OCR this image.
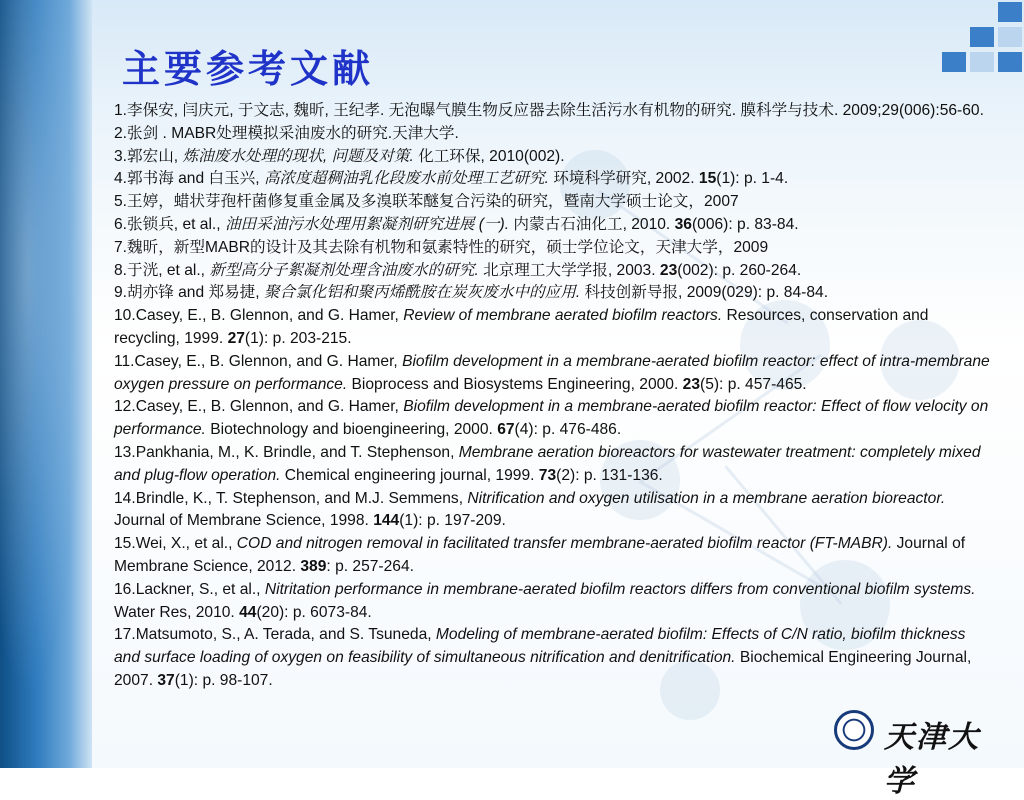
主要参考文献

1.李保安, 闫庆元, 于文志, 魏昕, 王纪孝. 无泡曝气膜生物反应器去除生活污水有机物的研究. 膜科学与技术. 2009;29(006):56-60.

2.张剑 . MABR处理模拟采油废水的研究.天津大学.

3.郭宏山, 炼油废水处理的现状, 问题及对策. 化工环保, 2010(002).

4.郭书海 and 白玉兴, 高浓度超稠油乳化段废水前处理工艺研究. 环境科学研究, 2002. 15(1): p. 1-4.

5.王婷，蜡状芽孢杆菌修复重金属及多溴联苯醚复合污染的研究，暨南大学硕士论文，2007

6.张锁兵, et al., 油田采油污水处理用絮凝剂研究进展 (一). 内蒙古石油化工, 2010. 36(006): p. 83-84.

7.魏昕，新型MABR的设计及其去除有机物和氨素特性的研究，硕士学位论文，天津大学，2009

8.于洸, et al., 新型高分子絮凝剂处理含油废水的研究. 北京理工大学学报, 2003. 23(002): p. 260-264.

9.胡亦锋 and 郑易捷, 聚合氯化铝和聚丙烯酰胺在炭灰废水中的应用. 科技创新导报, 2009(029): p. 84-84.

10.Casey, E., B. Glennon, and G. Hamer, Review of membrane aerated biofilm reactors. Resources, conservation and recycling, 1999. 27(1): p. 203-215.

11.Casey, E., B. Glennon, and G. Hamer, Biofilm development in a membrane-aerated biofilm reactor: effect of intra-membrane oxygen pressure on performance. Bioprocess and Biosystems Engineering, 2000. 23(5): p. 457-465.

12.Casey, E., B. Glennon, and G. Hamer, Biofilm development in a membrane-aerated biofilm reactor: Effect of flow velocity on performance. Biotechnology and bioengineering, 2000. 67(4): p. 476-486.

13.Pankhania, M., K. Brindle, and T. Stephenson, Membrane aeration bioreactors for wastewater treatment: completely mixed and plug-flow operation. Chemical engineering journal, 1999. 73(2): p. 131-136.

14.Brindle, K., T. Stephenson, and M.J. Semmens, Nitrification and oxygen utilisation in a membrane aeration bioreactor. Journal of Membrane Science, 1998. 144(1): p. 197-209.

15.Wei, X., et al., COD and nitrogen removal in facilitated transfer membrane-aerated biofilm reactor (FT-MABR). Journal of Membrane Science, 2012. 389: p. 257-264.

16.Lackner, S., et al., Nitritation performance in membrane-aerated biofilm reactors differs from conventional biofilm systems. Water Res, 2010. 44(20): p. 6073-84.

17.Matsumoto, S., A. Terada, and S. Tsuneda, Modeling of membrane-aerated biofilm: Effects of C/N ratio, biofilm thickness and surface loading of oxygen on feasibility of simultaneous nitrification and denitrification. Biochemical Engineering Journal, 2007. 37(1): p. 98-107.

天津大学
